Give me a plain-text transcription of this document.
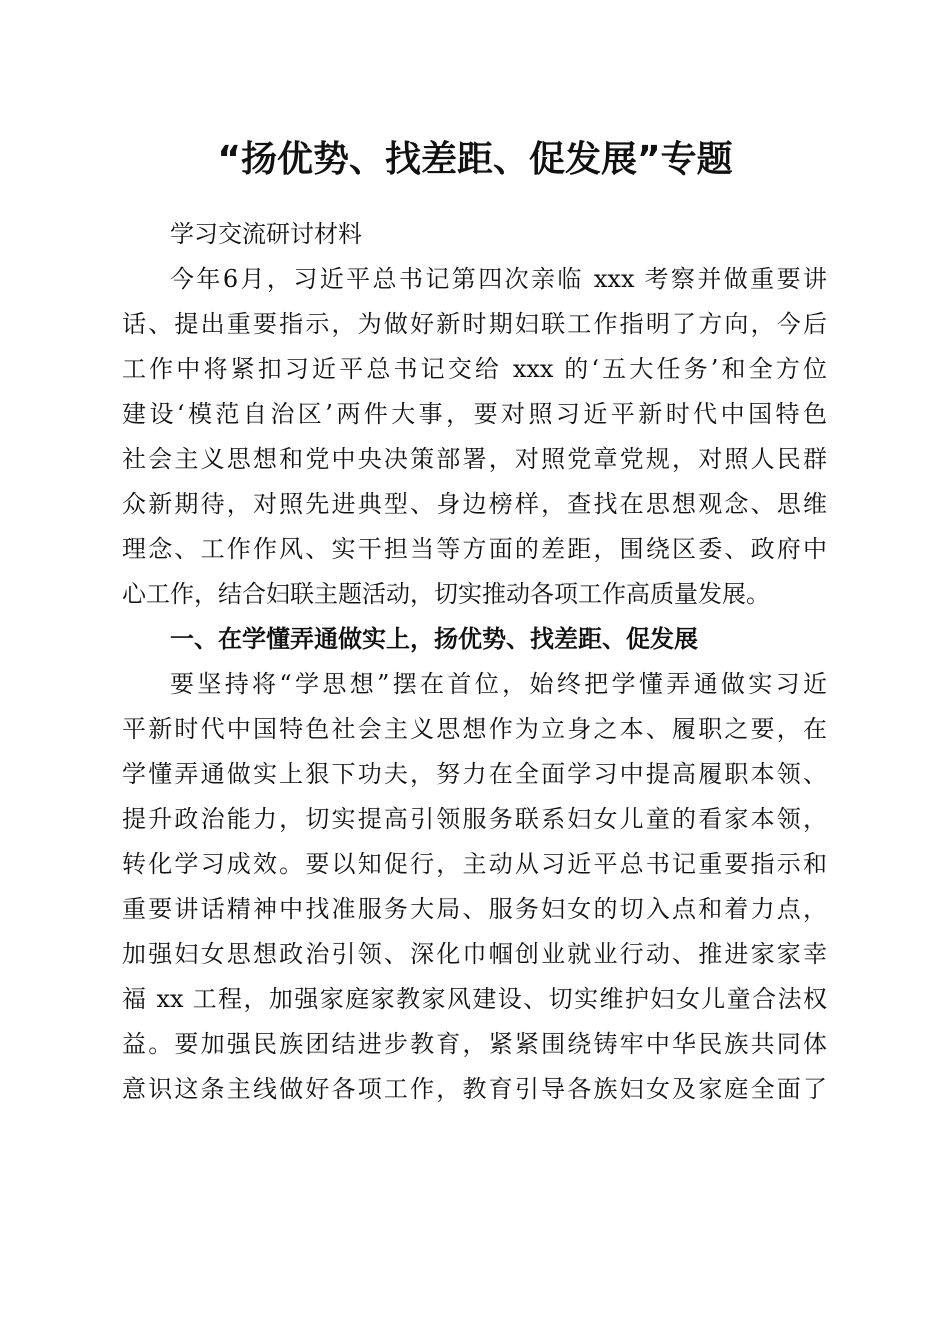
“扬优势、找差距、促发展”专题
学习交流研讨材料
今年6月，习近平总书记第四次亲临 xxx 考察并做重要讲
话、提出重要指示，为做好新时期妇联工作指明了方向，今后
工作中将紧扣习近平总书记交给 xxx 的‘五大任务’和全方位
建设‘模范自治区’两件大事，要对照习近平新时代中国特色
社会主义思想和党中央决策部署，对照党章党规，对照人民群
众新期待，对照先进典型、身边榜样，查找在思想观念、思维
理念、工作作风、实干担当等方面的差距，围绕区委、政府中
心工作，结合妇联主题活动，切实推动各项工作高质量发展。
一、在学懂弄通做实上，扬优势、找差距、促发展
要坚持将“学思想”摆在首位，始终把学懂弄通做实习近
平新时代中国特色社会主义思想作为立身之本、履职之要，在
学懂弄通做实上狠下功夫，努力在全面学习中提高履职本领、
提升政治能力，切实提高引领服务联系妇女儿童的看家本领，
转化学习成效。要以知促行，主动从习近平总书记重要指示和
重要讲话精神中找准服务大局、服务妇女的切入点和着力点，
加强妇女思想政治引领、深化巾帼创业就业行动、推进家家幸
福 xx 工程，加强家庭家教家风建设、切实维护妇女儿童合法权
益。要加强民族团结进步教育，紧紧围绕铸牢中华民族共同体
意识这条主线做好各项工作，教育引导各族妇女及家庭全面了
